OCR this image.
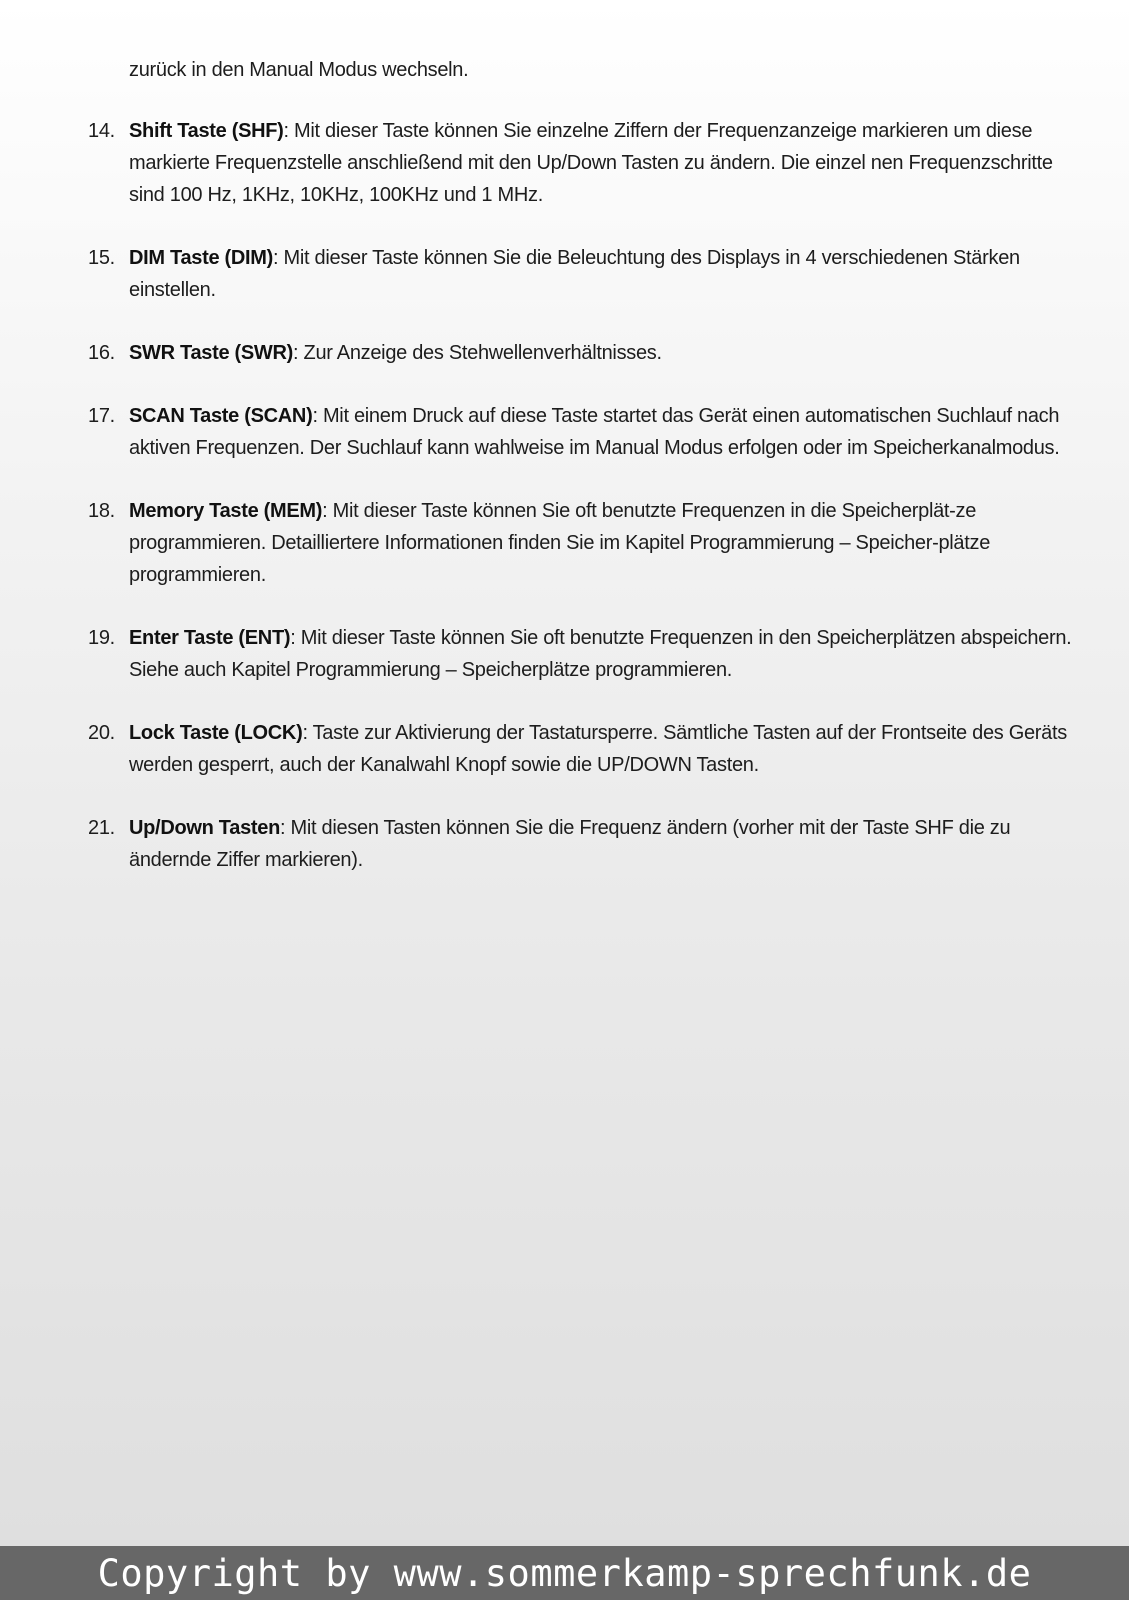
zurück in den Manual Modus wechseln.

14. Shift Taste (SHF): Mit dieser Taste können Sie einzelne Ziffern der Frequenzanzeige markieren um diese markierte Frequenzstelle anschließend mit den Up/Down Tasten zu ändern. Die einzel nen Frequenzschritte sind 100 Hz, 1KHz, 10KHz, 100KHz und 1 MHz.
15. DIM Taste (DIM): Mit dieser Taste können Sie die Beleuchtung des Displays in 4 verschiedenen Stärken einstellen.
16. SWR Taste (SWR): Zur Anzeige des Stehwellenverhältnisses.
17. SCAN Taste (SCAN): Mit einem Druck auf diese Taste startet das Gerät einen automatischen Suchlauf nach aktiven Frequenzen. Der Suchlauf kann wahlweise im Manual Modus erfolgen oder im Speicherkanalmodus.
18. Memory Taste (MEM): Mit dieser Taste können Sie oft benutzte Frequenzen in die Speicherplät-ze programmieren. Detailliertere Informationen finden Sie im Kapitel Programmierung – Speicher-plätze programmieren.
19. Enter Taste (ENT): Mit dieser Taste können Sie oft benutzte Frequenzen in den Speicherplätzen abspeichern. Siehe auch Kapitel Programmierung – Speicherplätze programmieren.
20. Lock Taste (LOCK): Taste zur Aktivierung der Tastatursperre. Sämtliche Tasten auf der Frontseite des Geräts werden gesperrt, auch der Kanalwahl Knopf sowie die UP/DOWN Tasten.
21. Up/Down Tasten: Mit diesen Tasten können Sie die Frequenz ändern (vorher mit der Taste SHF die zu ändernde Ziffer markieren).
Copyright by www.sommerkamp-sprechfunk.de
